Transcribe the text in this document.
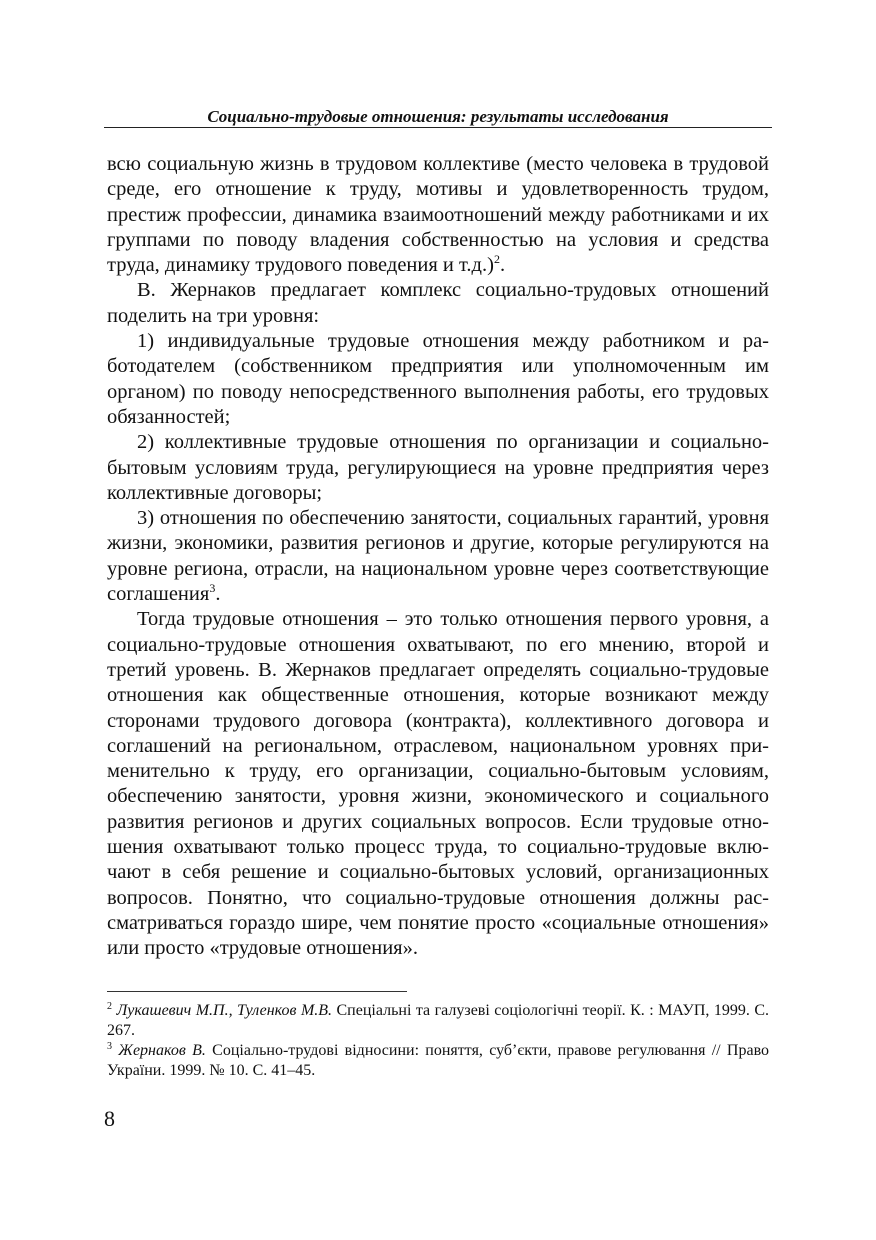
Социально-трудовые отношения: результаты исследования

всю социальную жизнь в трудовом коллективе (место человека в трудовой среде, его отношение к труду, мотивы и удовлетворенность трудом, престиж профессии, динамика взаимоотношений между работниками и их группами по поводу владения собственностью на условия и средства труда, динамику трудового поведения и т.д.)$^2$.

В. Жернаков предлагает комплекс социально-трудовых отношений поделить на три уровня:

1) индивидуальные трудовые отношения между работником и работодателем (собственником предприятия или уполномоченным им органом) по поводу непосредственного выполнения работы, его трудовых обязанностей;

2) коллективные трудовые отношения по организации и социально-бытовым условиям труда, регулирующиеся на уровне предприятия через коллективные договоры;

3) отношения по обеспечению занятости, социальных гарантий, уровня жизни, экономики, развития регионов и другие, которые регулируются на уровне региона, отрасли, на национальном уровне через соответствующие соглашения$^3$.

Тогда трудовые отношения – это только отношения первого уровня, а социально-трудовые отношения охватывают, по его мнению, второй и третий уровень. В. Жернаков предлагает определять социально-трудовые отношения как общественные отношения, которые возникают между сторонами трудового договора (контракта), коллективного договора и соглашений на региональном, отраслевом, национальном уровнях применительно к труду, его организации, социально-бытовым условиям, обеспечению занятости, уровня жизни, экономического и социального развития регионов и других социальных вопросов. Если трудовые отношения охватывают только процесс труда, то социально-трудовые включают в себя решение и социально-бытовых условий, организационных вопросов. Понятно, что социально-трудовые отношения должны рассматриваться гораздо шире, чем понятие просто «социальные отношения» или просто «трудовые отношения».

$^2$ Лукашевич М.П., Туленков М.В. Спеціальні та галузеві соціологічні теорії. К. : МАУП, 1999. С. 267.

$^3$ Жернаков В. Соціально-трудові відносини: поняття, суб’єкти, правове регулювання // Право України. 1999. № 10. С. 41–45.

8
